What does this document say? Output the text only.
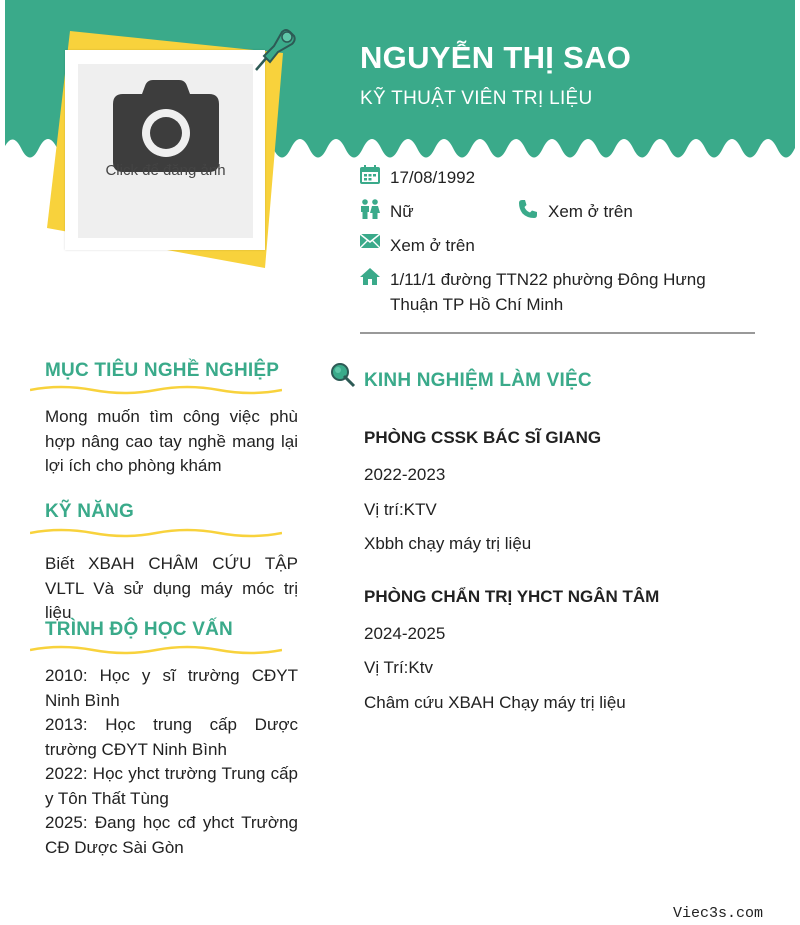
Click để đăng ảnh
NGUYỄN THỊ SAO
KỸ THUẬT VIÊN TRỊ LIỆU
17/08/1992
Nữ	Xem ở trên
Xem ở trên
1/11/1 đường TTN22 phường Đông Hưng Thuận TP Hồ Chí Minh
MỤC TIÊU NGHỀ NGHIỆP
Mong muốn tìm công việc phù hợp nâng cao tay nghề mang lại lợi ích cho phòng khám
KỸ NĂNG
Biết XBAH CHÂM CỨU TẬP VLTL Và sử dụng máy móc trị liệu
TRÌNH ĐỘ HỌC VẤN
2010: Học y sĩ trường CĐYT Ninh Bình
2013: Học trung cấp Dược trường CĐYT Ninh Bình
2022: Học yhct trường Trung cấp y Tôn Thất Tùng
2025: Đang học cđ yhct Trường CĐ Dược Sài Gòn
KINH NGHIỆM LÀM VIỆC
PHÒNG CSSK BÁC SĨ GIANG
2022-2023
Vị trí:KTV
Xbbh chạy máy trị liệu
PHÒNG CHẨN TRỊ YHCT NGÂN TÂM
2024-2025
Vị Trí:Ktv
Châm cứu XBAH Chạy máy trị liệu
Viec3s.com
